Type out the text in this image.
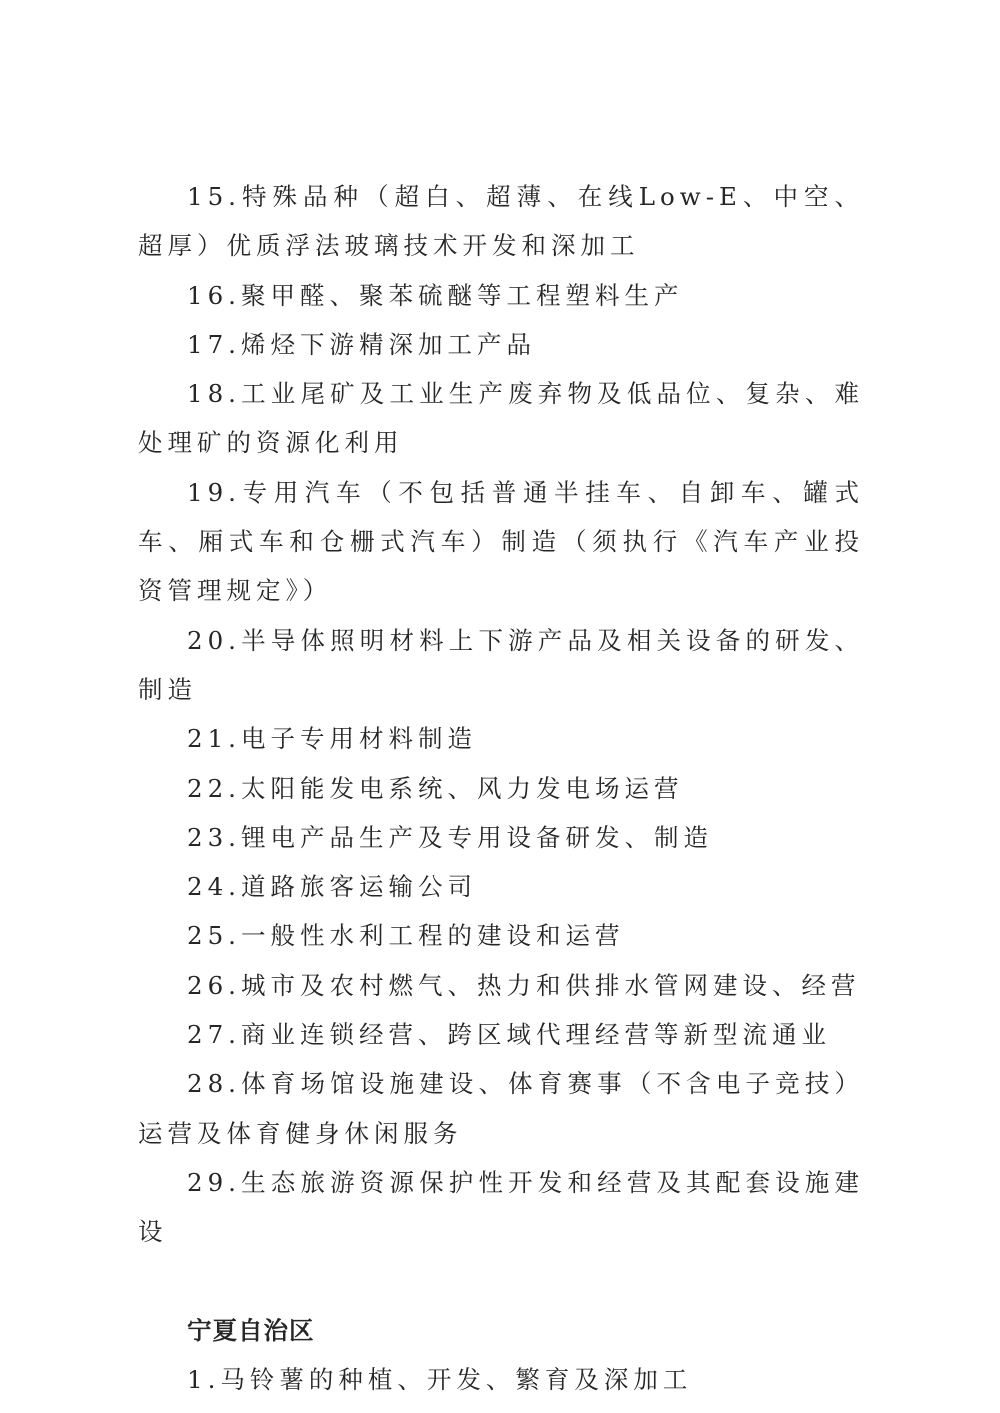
15.特殊品种（超白、超薄、在线Low-E、中空、超厚）优质浮法玻璃技术开发和深加工

16.聚甲醛、聚苯硫醚等工程塑料生产

17.烯烃下游精深加工产品

18.工业尾矿及工业生产废弃物及低品位、复杂、难处理矿的资源化利用

19.专用汽车（不包括普通半挂车、自卸车、罐式车、厢式车和仓栅式汽车）制造（须执行《汽车产业投资管理规定》）

20.半导体照明材料上下游产品及相关设备的研发、制造

21.电子专用材料制造

22.太阳能发电系统、风力发电场运营

23.锂电产品生产及专用设备研发、制造

24.道路旅客运输公司

25.一般性水利工程的建设和运营

26.城市及农村燃气、热力和供排水管网建设、经营

27.商业连锁经营、跨区域代理经营等新型流通业

28.体育场馆设施建设、体育赛事（不含电子竞技）运营及体育健身休闲服务

29.生态旅游资源保护性开发和经营及其配套设施建设

宁夏自治区

1.马铃薯的种植、开发、繁育及深加工
